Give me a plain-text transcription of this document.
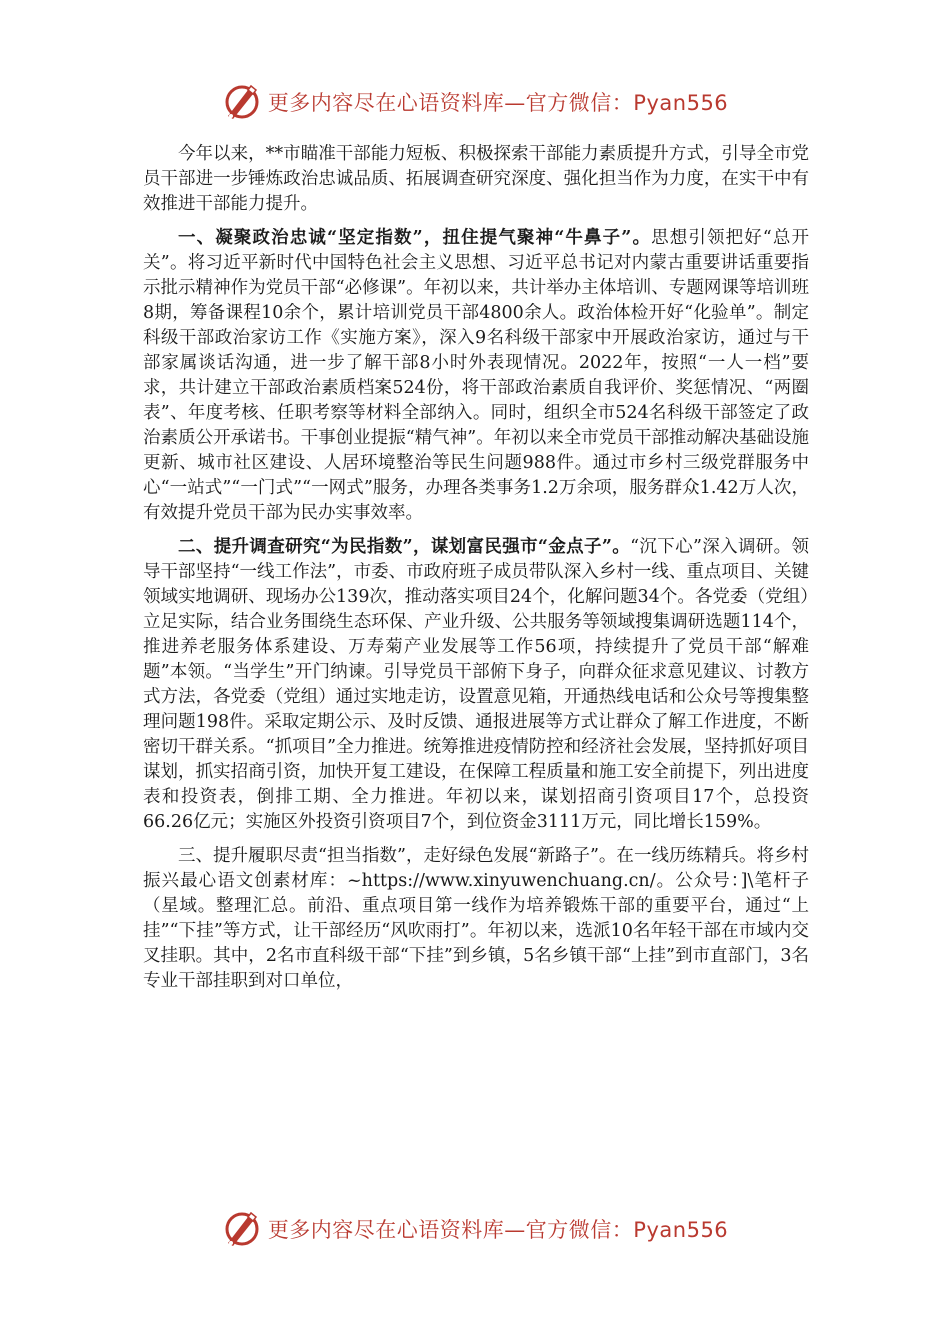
更多内容尽在心语资料库—官方微信：Pyan556

今年以来，**市瞄准干部能力短板、积极探索干部能力素质提升方式，引导全市党员干部进一步锤炼政治忠诚品质、拓展调查研究深度、强化担当作为力度，在实干中有效推进干部能力提升。

一、凝聚政治忠诚“坚定指数”，扭住提气聚神“牛鼻子”。思想引领把好“总开关”。将习近平新时代中国特色社会主义思想、习近平总书记对内蒙古重要讲话重要指示批示精神作为党员干部“必修课”。年初以来，共计举办主体培训、专题网课等培训班8期，筹备课程10余个，累计培训党员干部4800余人。政治体检开好“化验单”。制定科级干部政治家访工作《实施方案》，深入9名科级干部家中开展政治家访，通过与干部家属谈话沟通，进一步了解干部8小时外表现情况。2022年，按照“一人一档”要求，共计建立干部政治素质档案524份，将干部政治素质自我评价、奖惩情况、“两圈表”、年度考核、任职考察等材料全部纳入。同时，组织全市524名科级干部签定了政治素质公开承诺书。干事创业提振“精气神”。年初以来全市党员干部推动解决基础设施更新、城市社区建设、人居环境整治等民生问题988件。通过市乡村三级党群服务中心“一站式”“一门式”“一网式”服务，办理各类事务1.2万余项，服务群众1.42万人次，有效提升党员干部为民办实事效率。

二、提升调查研究“为民指数”，谋划富民强市“金点子”。“沉下心”深入调研。领导干部坚持“一线工作法”，市委、市政府班子成员带队深入乡村一线、重点项目、关键领域实地调研、现场办公139次，推动落实项目24个，化解问题34个。各党委（党组）立足实际，结合业务围绕生态环保、产业升级、公共服务等领域搜集调研选题114个，推进养老服务体系建设、万寿菊产业发展等工作56项，持续提升了党员干部“解难题”本领。“当学生”开门纳谏。引导党员干部俯下身子，向群众征求意见建议、讨教方式方法，各党委（党组）通过实地走访，设置意见箱，开通热线电话和公众号等搜集整理问题198件。采取定期公示、及时反馈、通报进展等方式让群众了解工作进度，不断密切干群关系。“抓项目”全力推进。统筹推进疫情防控和经济社会发展，坚持抓好项目谋划，抓实招商引资，加快开复工建设，在保障工程质量和施工安全前提下，列出进度表和投资表，倒排工期、全力推进。年初以来，谋划招商引资项目17个，总投资66.26亿元；实施区外投资引资项目7个，到位资金3111万元，同比增长159%。

三、提升履职尽责“担当指数”，走好绿色发展“新路子”。在一线历练精兵。将乡村振兴最心语文创素材库：~https://www.xinyuwenchuang.cn/。公众号：]\笔杆子（星域。整理汇总。前沿、重点项目第一线作为培养锻炼干部的重要平台，通过“上挂”“下挂”等方式，让干部经历“风吹雨打”。年初以来，选派10名年轻干部在市域内交叉挂职。其中，2名市直科级干部“下挂”到乡镇，5名乡镇干部“上挂”到市直部门，3名专业干部挂职到对口单位，

更多内容尽在心语资料库—官方微信：Pyan556
